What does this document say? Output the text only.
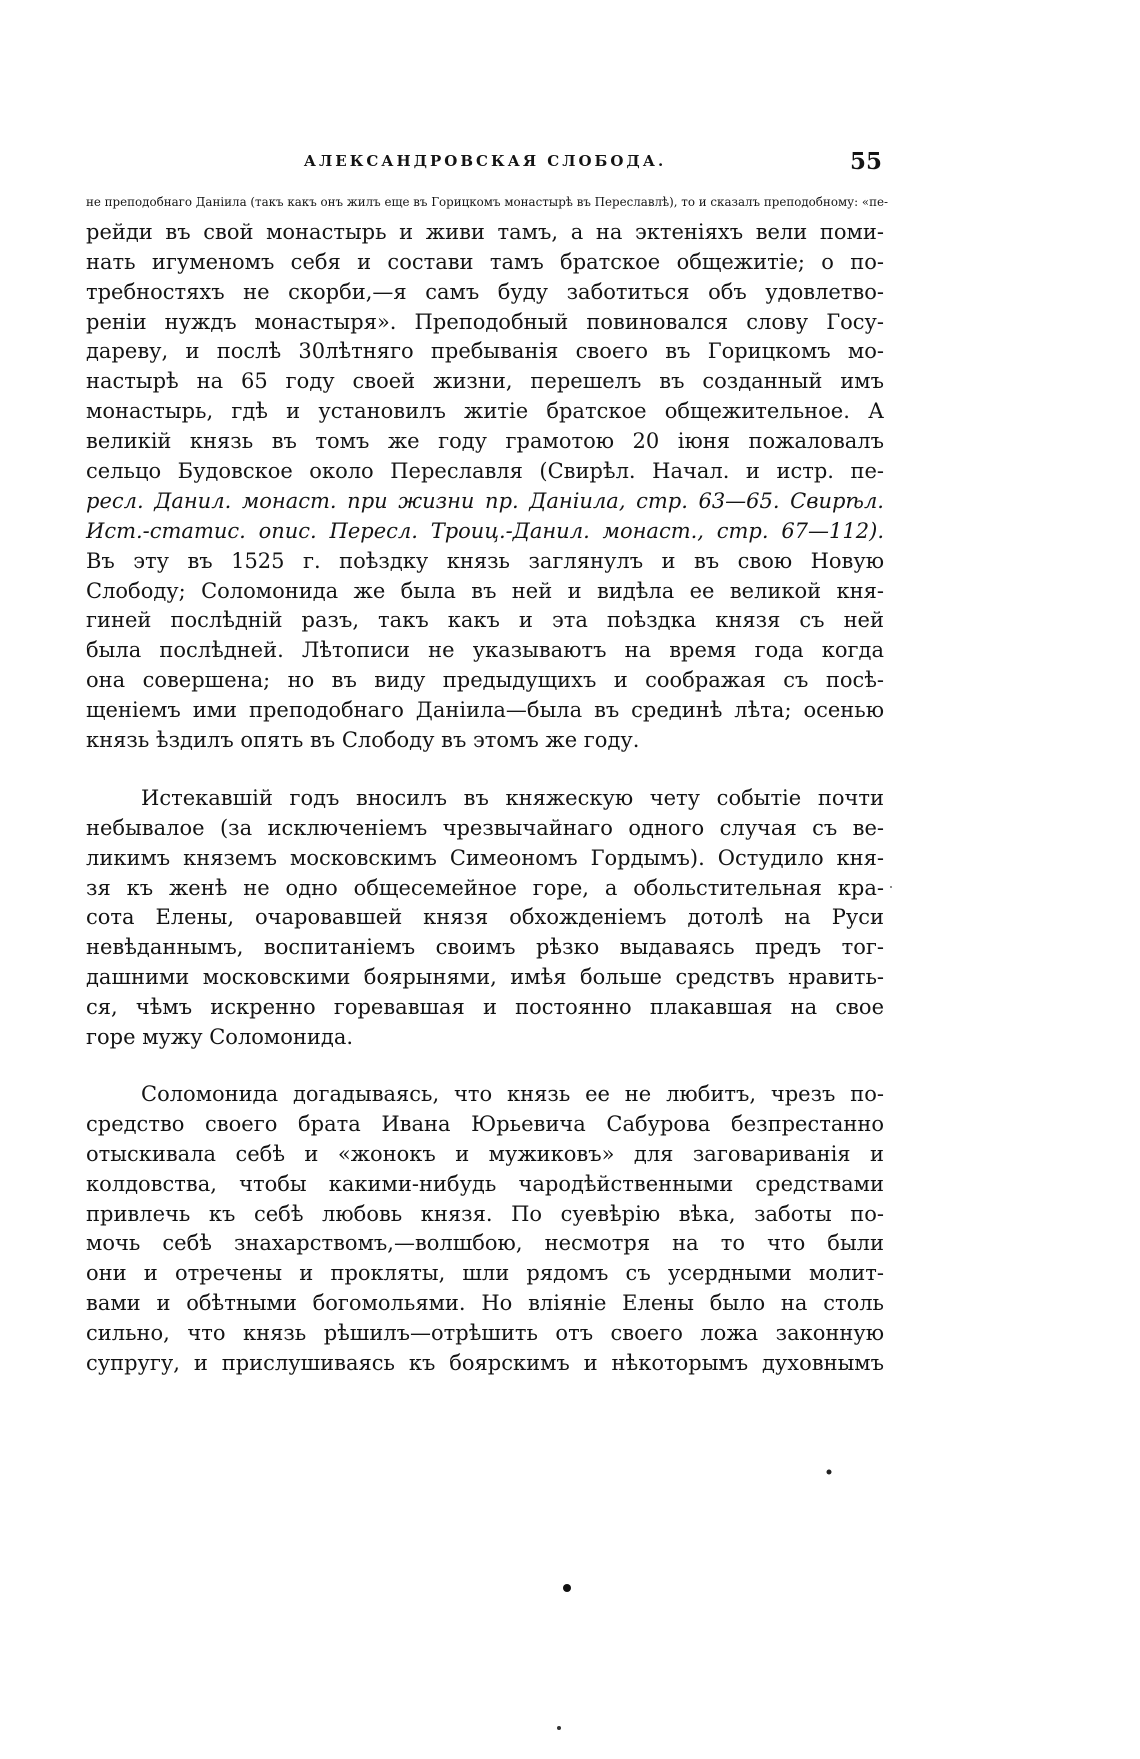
АЛЕКСАНДРОВСКАЯ СЛОБОДА.	55
не преподобнаго Даніила (такъ какъ онъ жилъ еще въ Горицкомъ монастырѣ въ Переславлѣ), то и сказалъ преподобному: «пе-
рейди въ свой монастырь и живи тамъ, а на эктеніяхъ вели поми-
нать игуменомъ себя и состави тамъ братское общежитіе; о по-
требностяхъ не скорби,—я самъ буду заботиться объ удовлетво-
реніи нуждъ монастыря». Преподобный повиновался слову Госу-
дареву, и послѣ 30лѣтняго пребыванія своего въ Горицкомъ мо-
настырѣ на 65 году своей жизни, перешелъ въ созданный имъ
монастырь, гдѣ и установилъ житіе братское общежительное. А
великій князь въ томъ же году грамотою 20 іюня пожаловалъ
сельцо Будовское около Переславля (Свирѣл. Начал. и истр. пе-
ресл. Данил. монаст. при жизни пр. Даніила, стр. 63—65. Свирѣл.
Ист.-статис. опис. Пересл. Троиц.-Данил. монаст., стр. 67—112).
Въ эту въ 1525 г. поѣздку князь заглянулъ и въ свою Новую
Слободу; Соломонида же была въ ней и видѣла ее великой кня-
гиней послѣдній разъ, такъ какъ и эта поѣздка князя съ ней
была послѣдней. Лѣтописи не указываютъ на время года когда
она совершена; но въ виду предыдущихъ и соображая съ посѣ-
щеніемъ ими преподобнаго Даніила—была въ срединѣ лѣта; осенью
князь ѣздилъ опять въ Слободу въ этомъ же году.
Истекавшій годъ вносилъ въ княжескую чету событіе почти
небывалое (за исключеніемъ чрезвычайнаго одного случая съ ве-
ликимъ княземъ московскимъ Симеономъ Гордымъ). Остудило кня-
зя къ женѣ не одно общесемейное горе, а обольстительная кра-
сота Елены, очаровавшей князя обхожденіемъ дотолѣ на Руси
невѣданнымъ, воспитаніемъ своимъ рѣзко выдаваясь предъ тог-
дашними московскими боярынями, имѣя больше средствъ нравить-
ся, чѣмъ искренно горевавшая и постоянно плакавшая на свое
горе мужу Соломонида.
Соломонида догадываясь, что князь ее не любитъ, чрезъ по-
средство своего брата Ивана Юрьевича Сабурова безпрестанно
отыскивала себѣ и «жонокъ и мужиковъ» для заговариванія и
колдовства, чтобы какими-нибудь чародѣйственными средствами
привлечь къ себѣ любовь князя. По суевѣрію вѣка, заботы по-
мочь себѣ знахарствомъ,—волшбою, несмотря на то что были
они и отречены и прокляты, шли рядомъ съ усердными молит-
вами и обѣтными богомольями. Но вліяніе Елены было на столь
сильно, что князь рѣшилъ—отрѣшить отъ своего ложа законную
супругу, и прислушиваясь къ боярскимъ и нѣкоторымъ духовнымъ
